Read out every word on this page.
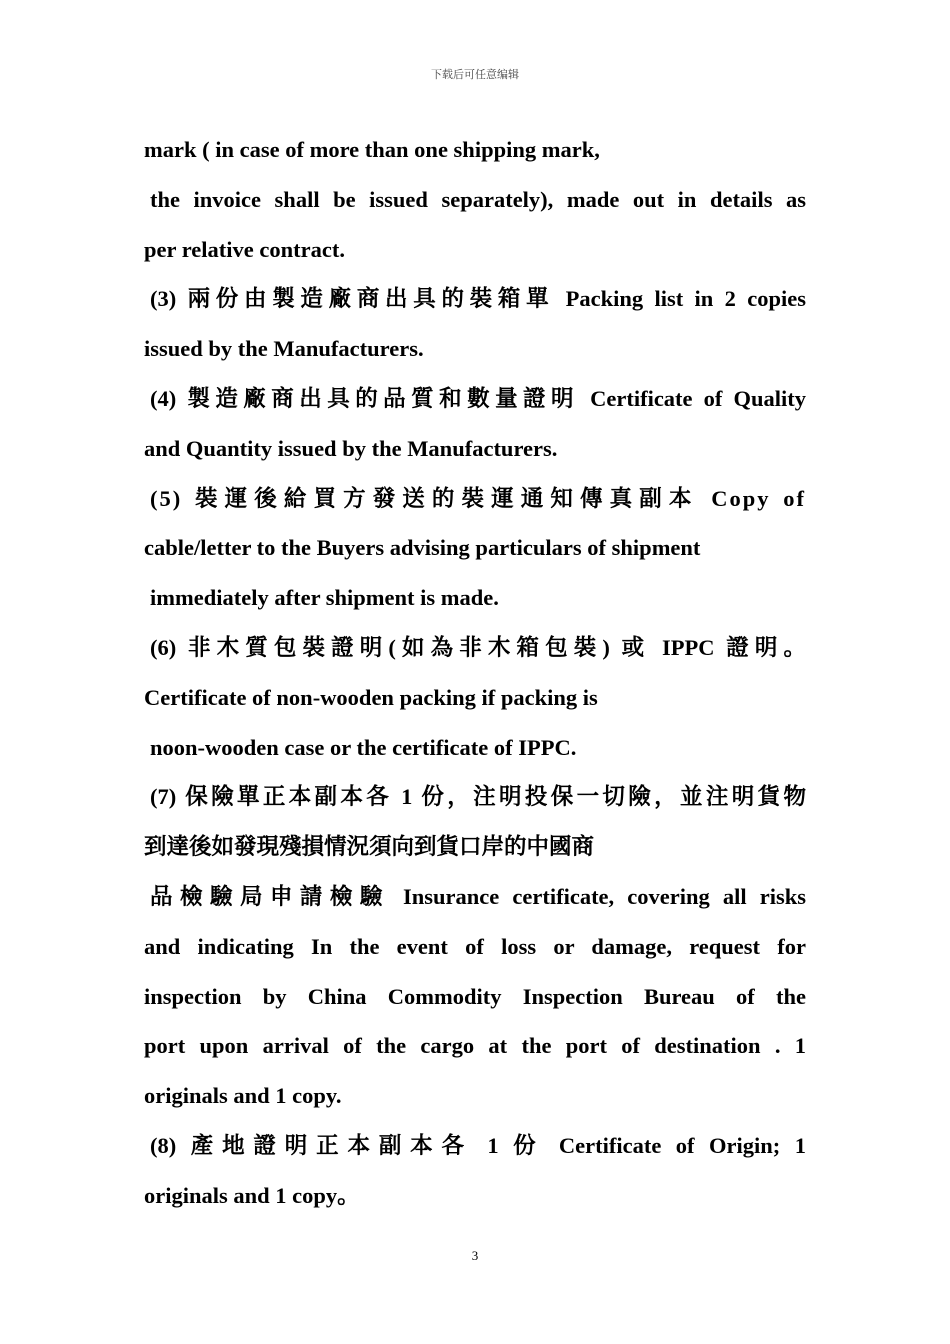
下载后可任意编辑
mark ( in case of more than one shipping mark,
the invoice shall be issued separately), made out in details as
per relative contract.
(3) 兩份由製造廠商出具的裝箱單 Packing list in 2 copies
issued by the Manufacturers.
(4) 製造廠商出具的品質和數量證明 Certificate of Quality
and Quantity issued by the Manufacturers.
(5) 裝運後給買方發送的裝運通知傳真副本 Copy of
cable/letter to the Buyers advising particulars of shipment
immediately after shipment is made.
(6) 非木質包裝證明(如為非木箱包裝) 或 IPPC 證明。
Certificate of non-wooden packing if packing is
noon-wooden case or the certificate of IPPC.
(7) 保險單正本副本各 1 份，注明投保一切險，並注明貨物
到達後如發現殘損情況須向到貨口岸的中國商
品檢驗局申請檢驗 Insurance certificate, covering all risks
and indicating In the event of loss or damage, request for
inspection by China Commodity Inspection Bureau of the
port upon arrival of the cargo at the port of destination . 1
originals and 1 copy.
(8) 產地證明正本副本各 1 份 Certificate of Origin; 1
originals and 1 copy。
3
